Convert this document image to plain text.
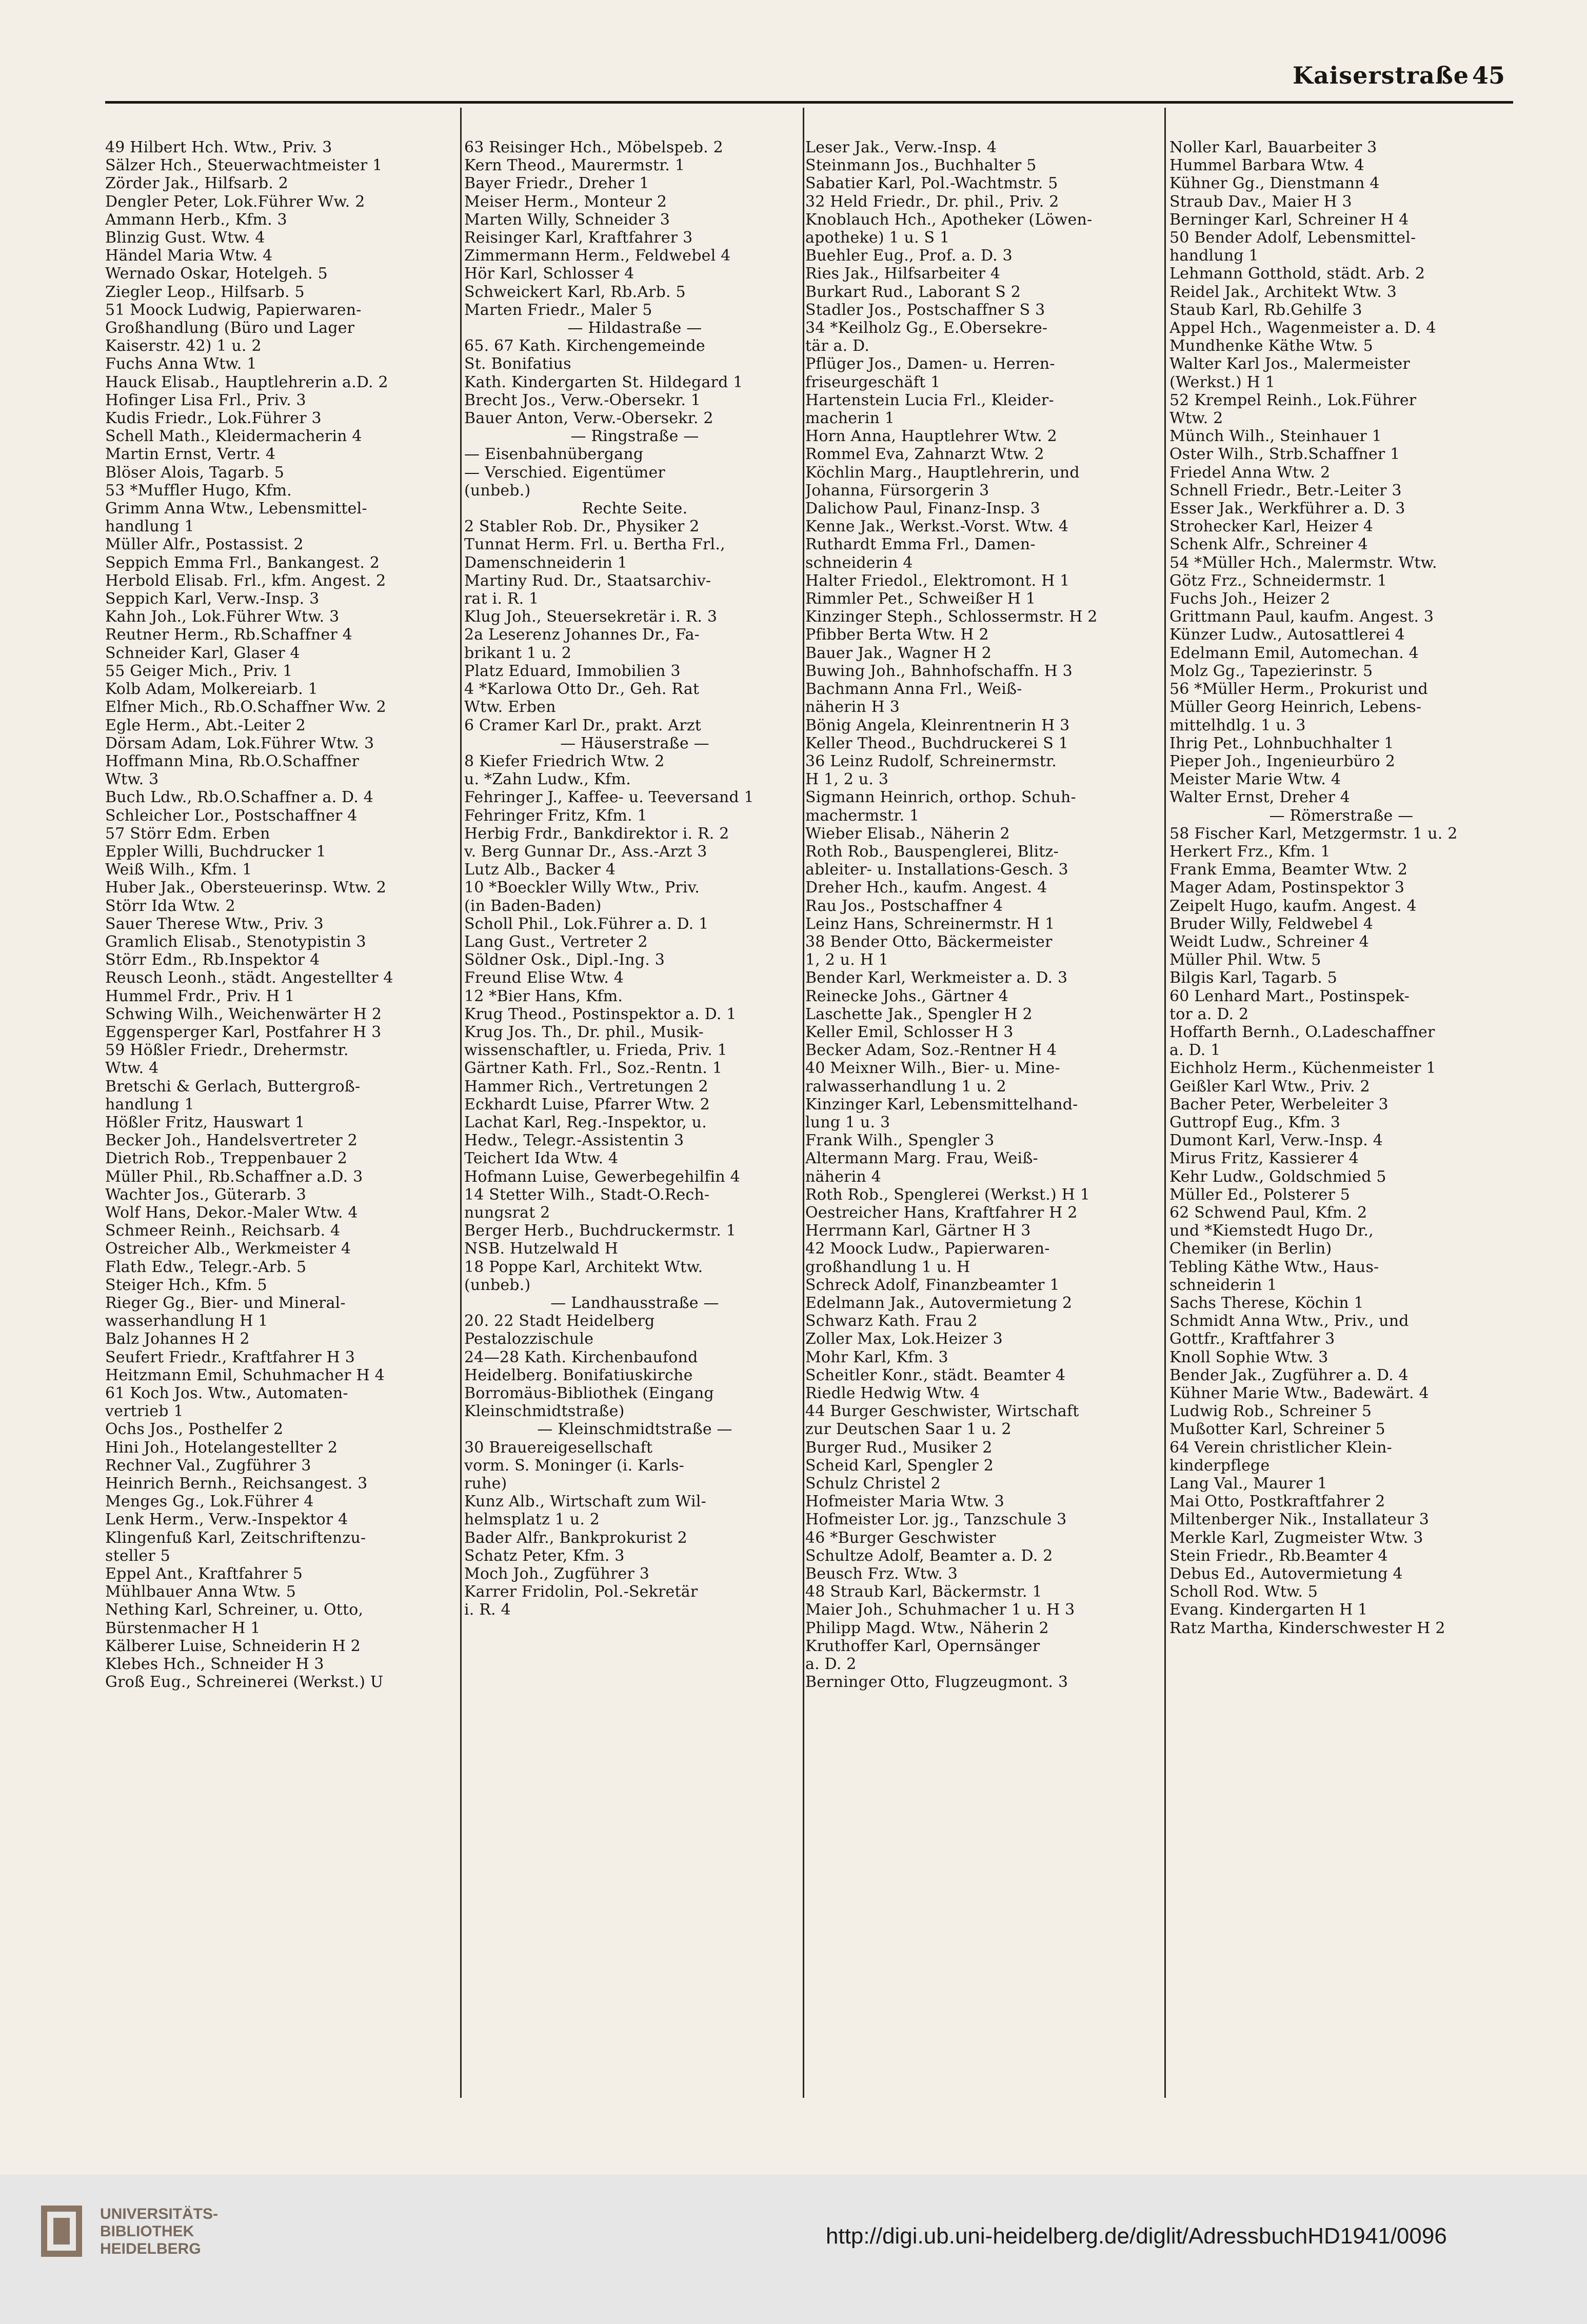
Kaiserstraße 45
49 Hilbert Hch. Wtw., Priv. 3
Sälzer Hch., Steuerwachtmeister 1
Zörder Jak., Hilfsarb. 2
Dengler Peter, Lok.Führer Ww. 2
Ammann Herb., Kfm. 3
Blinzig Gust. Wtw. 4
Händel Maria Wtw. 4
Wernado Oskar, Hotelgeh. 5
Ziegler Leop., Hilfsarb. 5
51 Moock Ludwig, Papierwaren-
Großhandlung (Büro und Lager
Kaiserstr. 42) 1 u. 2
Fuchs Anna Wtw. 1
Hauck Elisab., Hauptlehrerin a.D. 2
Hofinger Lisa Frl., Priv. 3
Kudis Friedr., Lok.Führer 3
Schell Math., Kleidermacherin 4
Martin Ernst, Vertr. 4
Blöser Alois, Tagarb. 5
53 *Muffler Hugo, Kfm.
Grimm Anna Wtw., Lebensmittel-
handlung 1
Müller Alfr., Postassist. 2
Seppich Emma Frl., Bankangest. 2
Herbold Elisab. Frl., kfm. Angest. 2
Seppich Karl, Verw.-Insp. 3
Kahn Joh., Lok.Führer Wtw. 3
Reutner Herm., Rb.Schaffner 4
Schneider Karl, Glaser 4
55 Geiger Mich., Priv. 1
Kolb Adam, Molkereiarb. 1
Elfner Mich., Rb.O.Schaffner Ww. 2
Egle Herm., Abt.-Leiter 2
Dörsam Adam, Lok.Führer Wtw. 3
Hoffmann Mina, Rb.O.Schaffner
Wtw. 3
Buch Ldw., Rb.O.Schaffner a. D. 4
Schleicher Lor., Postschaffner 4
57 Störr Edm. Erben
Eppler Willi, Buchdrucker 1
Weiß Wilh., Kfm. 1
Huber Jak., Obersteuerinsp. Wtw. 2
Störr Ida Wtw. 2
Sauer Therese Wtw., Priv. 3
Gramlich Elisab., Stenotypistin 3
Störr Edm., Rb.Inspektor 4
Reusch Leonh., städt. Angestellter 4
Hummel Frdr., Priv. H 1
Schwing Wilh., Weichenwärter H 2
Eggensperger Karl, Postfahrer H 3
59 Hößler Friedr., Drehermstr.
Wtw. 4
Bretschi & Gerlach, Buttergroß-
handlung 1
Hößler Fritz, Hauswart 1
Becker Joh., Handelsvertreter 2
Dietrich Rob., Treppenbauer 2
Müller Phil., Rb.Schaffner a.D. 3
Wachter Jos., Güterarb. 3
Wolf Hans, Dekor.-Maler Wtw. 4
Schmeer Reinh., Reichsarb. 4
Ostreicher Alb., Werkmeister 4
Flath Edw., Telegr.-Arb. 5
Steiger Hch., Kfm. 5
Rieger Gg., Bier- und Mineral-
wasserhandlung H 1
Balz Johannes H 2
Seufert Friedr., Kraftfahrer H 3
Heitzmann Emil, Schuhmacher H 4
61 Koch Jos. Wtw., Automaten-
vertrieb 1
Ochs Jos., Posthelfer 2
Hini Joh., Hotelangestellter 2
Rechner Val., Zugführer 3
Heinrich Bernh., Reichsangest. 3
Menges Gg., Lok.Führer 4
Lenk Herm., Verw.-Inspektor 4
Klingenfuß Karl, Zeitschriftenzu-
steller 5
Eppel Ant., Kraftfahrer 5
Mühlbauer Anna Wtw. 5
Nething Karl, Schreiner, u. Otto,
Bürstenmacher H 1
Kälberer Luise, Schneiderin H 2
Klebes Hch., Schneider H 3
Groß Eug., Schreinerei (Werkst.) U
63 Reisinger Hch., Möbelspeb. 2
Kern Theod., Maurermstr. 1
Bayer Friedr., Dreher 1
Meiser Herm., Monteur 2
Marten Willy, Schneider 3
Reisinger Karl, Kraftfahrer 3
Zimmermann Herm., Feldwebel 4
Hör Karl, Schlosser 4
Schweickert Karl, Rb.Arb. 5
Marten Friedr., Maler 5
— Hildastraße —
65. 67 Kath. Kirchengemeinde
St. Bonifatius
Kath. Kindergarten St. Hildegard 1
Brecht Jos., Verw.-Obersekr. 1
Bauer Anton, Verw.-Obersekr. 2
— Ringstraße —
— Eisenbahnübergang
— Verschied. Eigentümer
(unbeb.)
Rechte Seite.
2 Stabler Rob. Dr., Physiker 2
Tunnat Herm. Frl. u. Bertha Frl.,
Damenschneiderin 1
Martiny Rud. Dr., Staatsarchiv-
rat i. R. 1
Klug Joh., Steuersekretär i. R. 3
2a Leserenz Johannes Dr., Fa-
brikant 1 u. 2
Platz Eduard, Immobilien 3
4 *Karlowa Otto Dr., Geh. Rat
Wtw. Erben
6 Cramer Karl Dr., prakt. Arzt
— Häuserstraße —
8 Kiefer Friedrich Wtw. 2
u. *Zahn Ludw., Kfm.
Fehringer J., Kaffee- u. Teeversand 1
Fehringer Fritz, Kfm. 1
Herbig Frdr., Bankdirektor i. R. 2
v. Berg Gunnar Dr., Ass.-Arzt 3
Lutz Alb., Backer 4
10 *Boeckler Willy Wtw., Priv.
(in Baden-Baden)
Scholl Phil., Lok.Führer a. D. 1
Lang Gust., Vertreter 2
Söldner Osk., Dipl.-Ing. 3
Freund Elise Wtw. 4
12 *Bier Hans, Kfm.
Krug Theod., Postinspektor a. D. 1
Krug Jos. Th., Dr. phil., Musik-
wissenschaftler, u. Frieda, Priv. 1
Gärtner Kath. Frl., Soz.-Rentn. 1
Hammer Rich., Vertretungen 2
Eckhardt Luise, Pfarrer Wtw. 2
Lachat Karl, Reg.-Inspektor, u.
Hedw., Telegr.-Assistentin 3
Teichert Ida Wtw. 4
Hofmann Luise, Gewerbegehilfin 4
14 Stetter Wilh., Stadt-O.Rech-
nungsrat 2
Berger Herb., Buchdruckermstr. 1
NSB. Hutzelwald H
18 Poppe Karl, Architekt Wtw.
(unbeb.)
— Landhausstraße —
20. 22 Stadt Heidelberg
Pestalozzischule
24—28 Kath. Kirchenbaufond
Heidelberg. Bonifatiuskirche
Borromäus-Bibliothek (Eingang
Kleinschmidtstraße)
— Kleinschmidtstraße —
30 Brauereigesellschaft
vorm. S. Moninger (i. Karls-
ruhe)
Kunz Alb., Wirtschaft zum Wil-
helmsplatz 1 u. 2
Bader Alfr., Bankprokurist 2
Schatz Peter, Kfm. 3
Moch Joh., Zugführer 3
Karrer Fridolin, Pol.-Sekretär
i. R. 4
Leser Jak., Verw.-Insp. 4
Steinmann Jos., Buchhalter 5
Sabatier Karl, Pol.-Wachtmstr. 5
32 Held Friedr., Dr. phil., Priv. 2
Knoblauch Hch., Apotheker (Löwen-
apotheke) 1 u. S 1
Buehler Eug., Prof. a. D. 3
Ries Jak., Hilfsarbeiter 4
Burkart Rud., Laborant S 2
Stadler Jos., Postschaffner S 3
34 *Keilholz Gg., E.Obersekre-
tär a. D.
Pflüger Jos., Damen- u. Herren-
friseurgeschäft 1
Hartenstein Lucia Frl., Kleider-
macherin 1
Horn Anna, Hauptlehrer Wtw. 2
Rommel Eva, Zahnarzt Wtw. 2
Köchlin Marg., Hauptlehrerin, und
Johanna, Fürsorgerin 3
Dalichow Paul, Finanz-Insp. 3
Kenne Jak., Werkst.-Vorst. Wtw. 4
Ruthardt Emma Frl., Damen-
schneiderin 4
Halter Friedol., Elektromont. H 1
Rimmler Pet., Schweißer H 1
Kinzinger Steph., Schlossermstr. H 2
Pfibber Berta Wtw. H 2
Bauer Jak., Wagner H 2
Buwing Joh., Bahnhofschaffn. H 3
Bachmann Anna Frl., Weiß-
näherin H 3
Bönig Angela, Kleinrentnerin H 3
Keller Theod., Buchdruckerei S 1
36 Leinz Rudolf, Schreinermstr.
H 1, 2 u. 3
Sigmann Heinrich, orthop. Schuh-
machermstr. 1
Wieber Elisab., Näherin 2
Roth Rob., Bauspenglerei, Blitz-
ableiter- u. Installations-Gesch. 3
Dreher Hch., kaufm. Angest. 4
Rau Jos., Postschaffner 4
Leinz Hans, Schreinermstr. H 1
38 Bender Otto, Bäckermeister
1, 2 u. H 1
Bender Karl, Werkmeister a. D. 3
Reinecke Johs., Gärtner 4
Laschette Jak., Spengler H 2
Keller Emil, Schlosser H 3
Becker Adam, Soz.-Rentner H 4
40 Meixner Wilh., Bier- u. Mine-
ralwasserhandlung 1 u. 2
Kinzinger Karl, Lebensmittelhand-
lung 1 u. 3
Frank Wilh., Spengler 3
Altermann Marg. Frau, Weiß-
näherin 4
Roth Rob., Spenglerei (Werkst.) H 1
Oestreicher Hans, Kraftfahrer H 2
Herrmann Karl, Gärtner H 3
42 Moock Ludw., Papierwaren-
großhandlung 1 u. H
Schreck Adolf, Finanzbeamter 1
Edelmann Jak., Autovermietung 2
Schwarz Kath. Frau 2
Zoller Max, Lok.Heizer 3
Mohr Karl, Kfm. 3
Scheitler Konr., städt. Beamter 4
Riedle Hedwig Wtw. 4
44 Burger Geschwister, Wirtschaft
zur Deutschen Saar 1 u. 2
Burger Rud., Musiker 2
Scheid Karl, Spengler 2
Schulz Christel 2
Hofmeister Maria Wtw. 3
Hofmeister Lor. jg., Tanzschule 3
46 *Burger Geschwister
Schultze Adolf, Beamter a. D. 2
Beusch Frz. Wtw. 3
48 Straub Karl, Bäckermstr. 1
Maier Joh., Schuhmacher 1 u. H 3
Philipp Magd. Wtw., Näherin 2
Kruthoffer Karl, Opernsänger
a. D. 2
Berninger Otto, Flugzeugmont. 3
Noller Karl, Bauarbeiter 3
Hummel Barbara Wtw. 4
Kühner Gg., Dienstmann 4
Straub Dav., Maier H 3
Berninger Karl, Schreiner H 4
50 Bender Adolf, Lebensmittel-
handlung 1
Lehmann Gotthold, städt. Arb. 2
Reidel Jak., Architekt Wtw. 3
Staub Karl, Rb.Gehilfe 3
Appel Hch., Wagenmeister a. D. 4
Mundhenke Käthe Wtw. 5
Walter Karl Jos., Malermeister
(Werkst.) H 1
52 Krempel Reinh., Lok.Führer
Wtw. 2
Münch Wilh., Steinhauer 1
Oster Wilh., Strb.Schaffner 1
Friedel Anna Wtw. 2
Schnell Friedr., Betr.-Leiter 3
Esser Jak., Werkführer a. D. 3
Strohecker Karl, Heizer 4
Schenk Alfr., Schreiner 4
54 *Müller Hch., Malermstr. Wtw.
Götz Frz., Schneidermstr. 1
Fuchs Joh., Heizer 2
Grittmann Paul, kaufm. Angest. 3
Künzer Ludw., Autosattlerei 4
Edelmann Emil, Automechan. 4
Molz Gg., Tapezierinstr. 5
56 *Müller Herm., Prokurist und
Müller Georg Heinrich, Lebens-
mittelhdlg. 1 u. 3
Ihrig Pet., Lohnbuchhalter 1
Pieper Joh., Ingenieurbüro 2
Meister Marie Wtw. 4
Walter Ernst, Dreher 4
— Römerstraße —
58 Fischer Karl, Metzgermstr. 1 u. 2
Herkert Frz., Kfm. 1
Frank Emma, Beamter Wtw. 2
Mager Adam, Postinspektor 3
Zeipelt Hugo, kaufm. Angest. 4
Bruder Willy, Feldwebel 4
Weidt Ludw., Schreiner 4
Müller Phil. Wtw. 5
Bilgis Karl, Tagarb. 5
60 Lenhard Mart., Postinspek-
tor a. D. 2
Hoffarth Bernh., O.Ladeschaffner
a. D. 1
Eichholz Herm., Küchenmeister 1
Geißler Karl Wtw., Priv. 2
Bacher Peter, Werbeleiter 3
Guttropf Eug., Kfm. 3
Dumont Karl, Verw.-Insp. 4
Mirus Fritz, Kassierer 4
Kehr Ludw., Goldschmied 5
Müller Ed., Polsterer 5
62 Schwend Paul, Kfm. 2
und *Kiemstedt Hugo Dr.,
Chemiker (in Berlin)
Tebling Käthe Wtw., Haus-
schneiderin 1
Sachs Therese, Köchin 1
Schmidt Anna Wtw., Priv., und
Gottfr., Kraftfahrer 3
Knoll Sophie Wtw. 3
Bender Jak., Zugführer a. D. 4
Kühner Marie Wtw., Badewärt. 4
Ludwig Rob., Schreiner 5
Mußotter Karl, Schreiner 5
64 Verein christlicher Klein-
kinderpflege
Lang Val., Maurer 1
Mai Otto, Postkraftfahrer 2
Miltenberger Nik., Installateur 3
Merkle Karl, Zugmeister Wtw. 3
Stein Friedr., Rb.Beamter 4
Debus Ed., Autovermietung 4
Scholl Rod. Wtw. 5
Evang. Kindergarten H 1
Ratz Martha, Kinderschwester H 2
UNIVERSITÄTS-
BIBLIOTHEK
HEIDELBERG
http://digi.ub.uni-heidelberg.de/diglit/AdressbuchHD1941/0096
